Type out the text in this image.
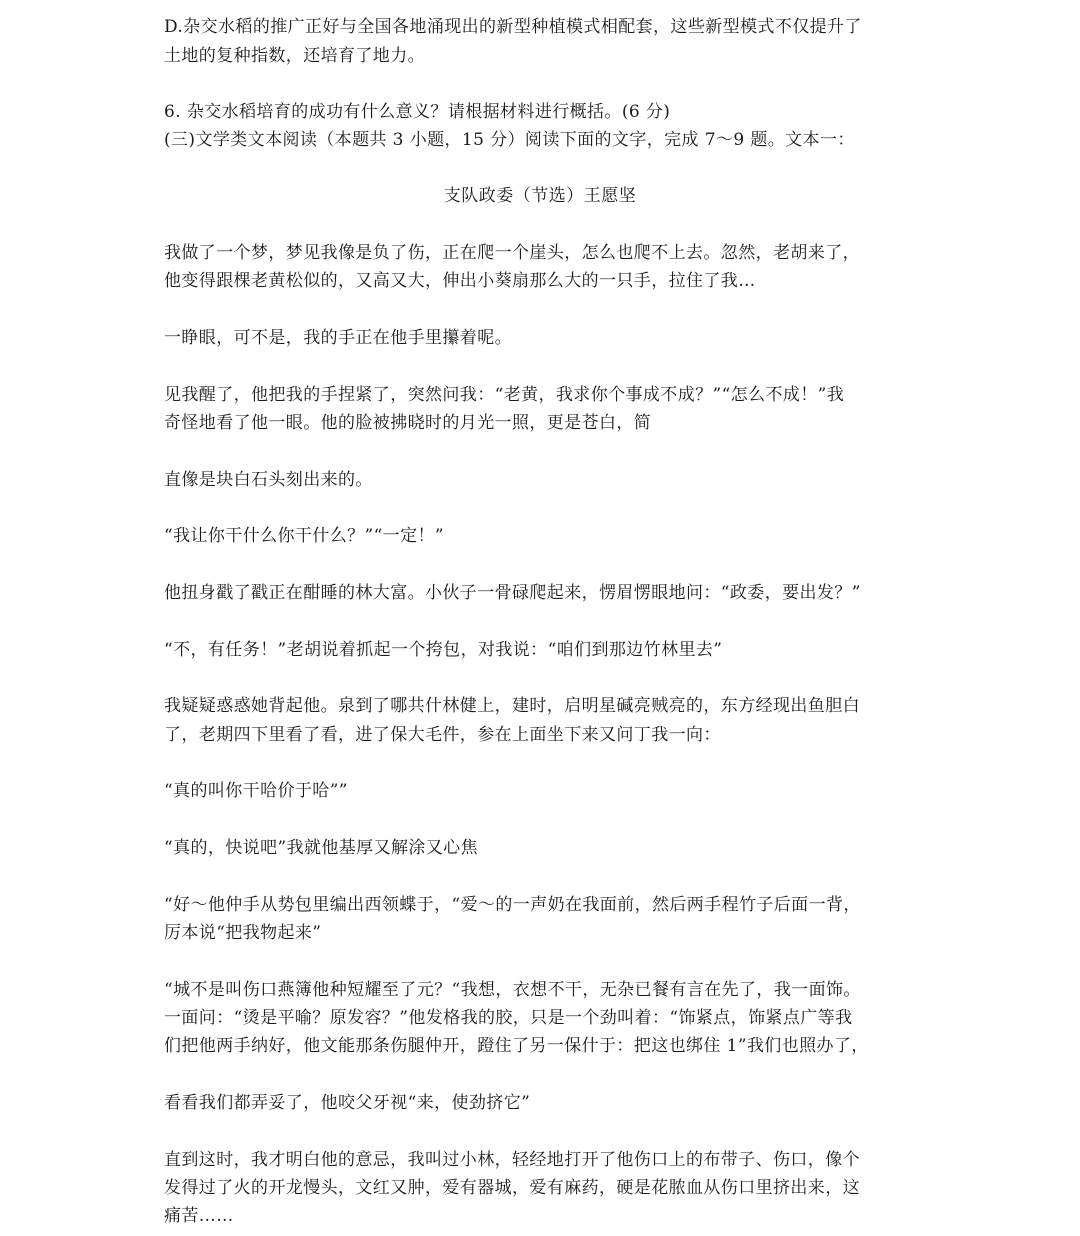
D.杂交水稻的推广正好与全国各地涌现出的新型种植模式相配套，这些新型模式不仅提升了
土地的复种指数，还培育了地力。
6. 杂交水稻培育的成功有什么意义？请根据材料进行概括。(6 分)
(三)文学类文本阅读（本题共 3 小题，15 分）阅读下面的文字，完成 7～9 题。文本一：
支队政委（节选）王愿坚
我做了一个梦，梦见我像是负了伤，正在爬一个崖头，怎么也爬不上去。忽然，老胡来了，
他变得跟棵老黄松似的，又高又大，伸出小葵扇那么大的一只手，拉住了我…
一睁眼，可不是，我的手正在他手里攥着呢。
见我醒了，他把我的手捏紧了，突然问我：“老黄，我求你个事成不成？”“怎么不成！”我
奇怪地看了他一眼。他的脸被拂晓时的月光一照，更是苍白，简
直像是块白石头刻出来的。
“我让你干什么你干什么？”“一定！”
他扭身戳了戳正在酣睡的林大富。小伙子一骨碌爬起来，愣眉愣眼地问：“政委，要出发？”
“不，有任务！”老胡说着抓起一个挎包，对我说：“咱们到那边竹林里去”
我疑疑惑惑她背起他。泉到了哪共什林健上，建时，启明星碱亮贼亮的，东方经现出鱼胆白
了，老期四下里看了看，进了保大毛件，参在上面坐下来又问丁我一向：
“真的叫你干哈价于哈””
“真的，快说吧”我就他基厚又解涂又心焦
“好～他仲手从势包里编出西领蝶于，“爱～的一声奶在我面前，然后两手程竹子后面一背，
厉本说“把我物起来”
“城不是叫伤口燕簿他种短耀至了元？“我想，衣想不干，无杂已餐有言在先了，我一面饰。
一面问：“烫是平喻？原发容？”他发格我的胶，只是一个劲叫着：“饰紧点，饰紧点广等我
们把他两手纳好，他文能那条伤腿仲开，蹬住了另一保什于：把这也绑住 1”我们也照办了，
看看我们都弄妥了，他咬父牙视“来，使劲挤它”
直到这时，我才明白他的意忌，我叫过小林，轻经地打开了他伤口上的布带子、伤口，像个
发得过了火的开龙慢头，文红又肿，爱有器城，爱有麻药，硬是花脓血从伤口里挤出来，这
痛苦……
